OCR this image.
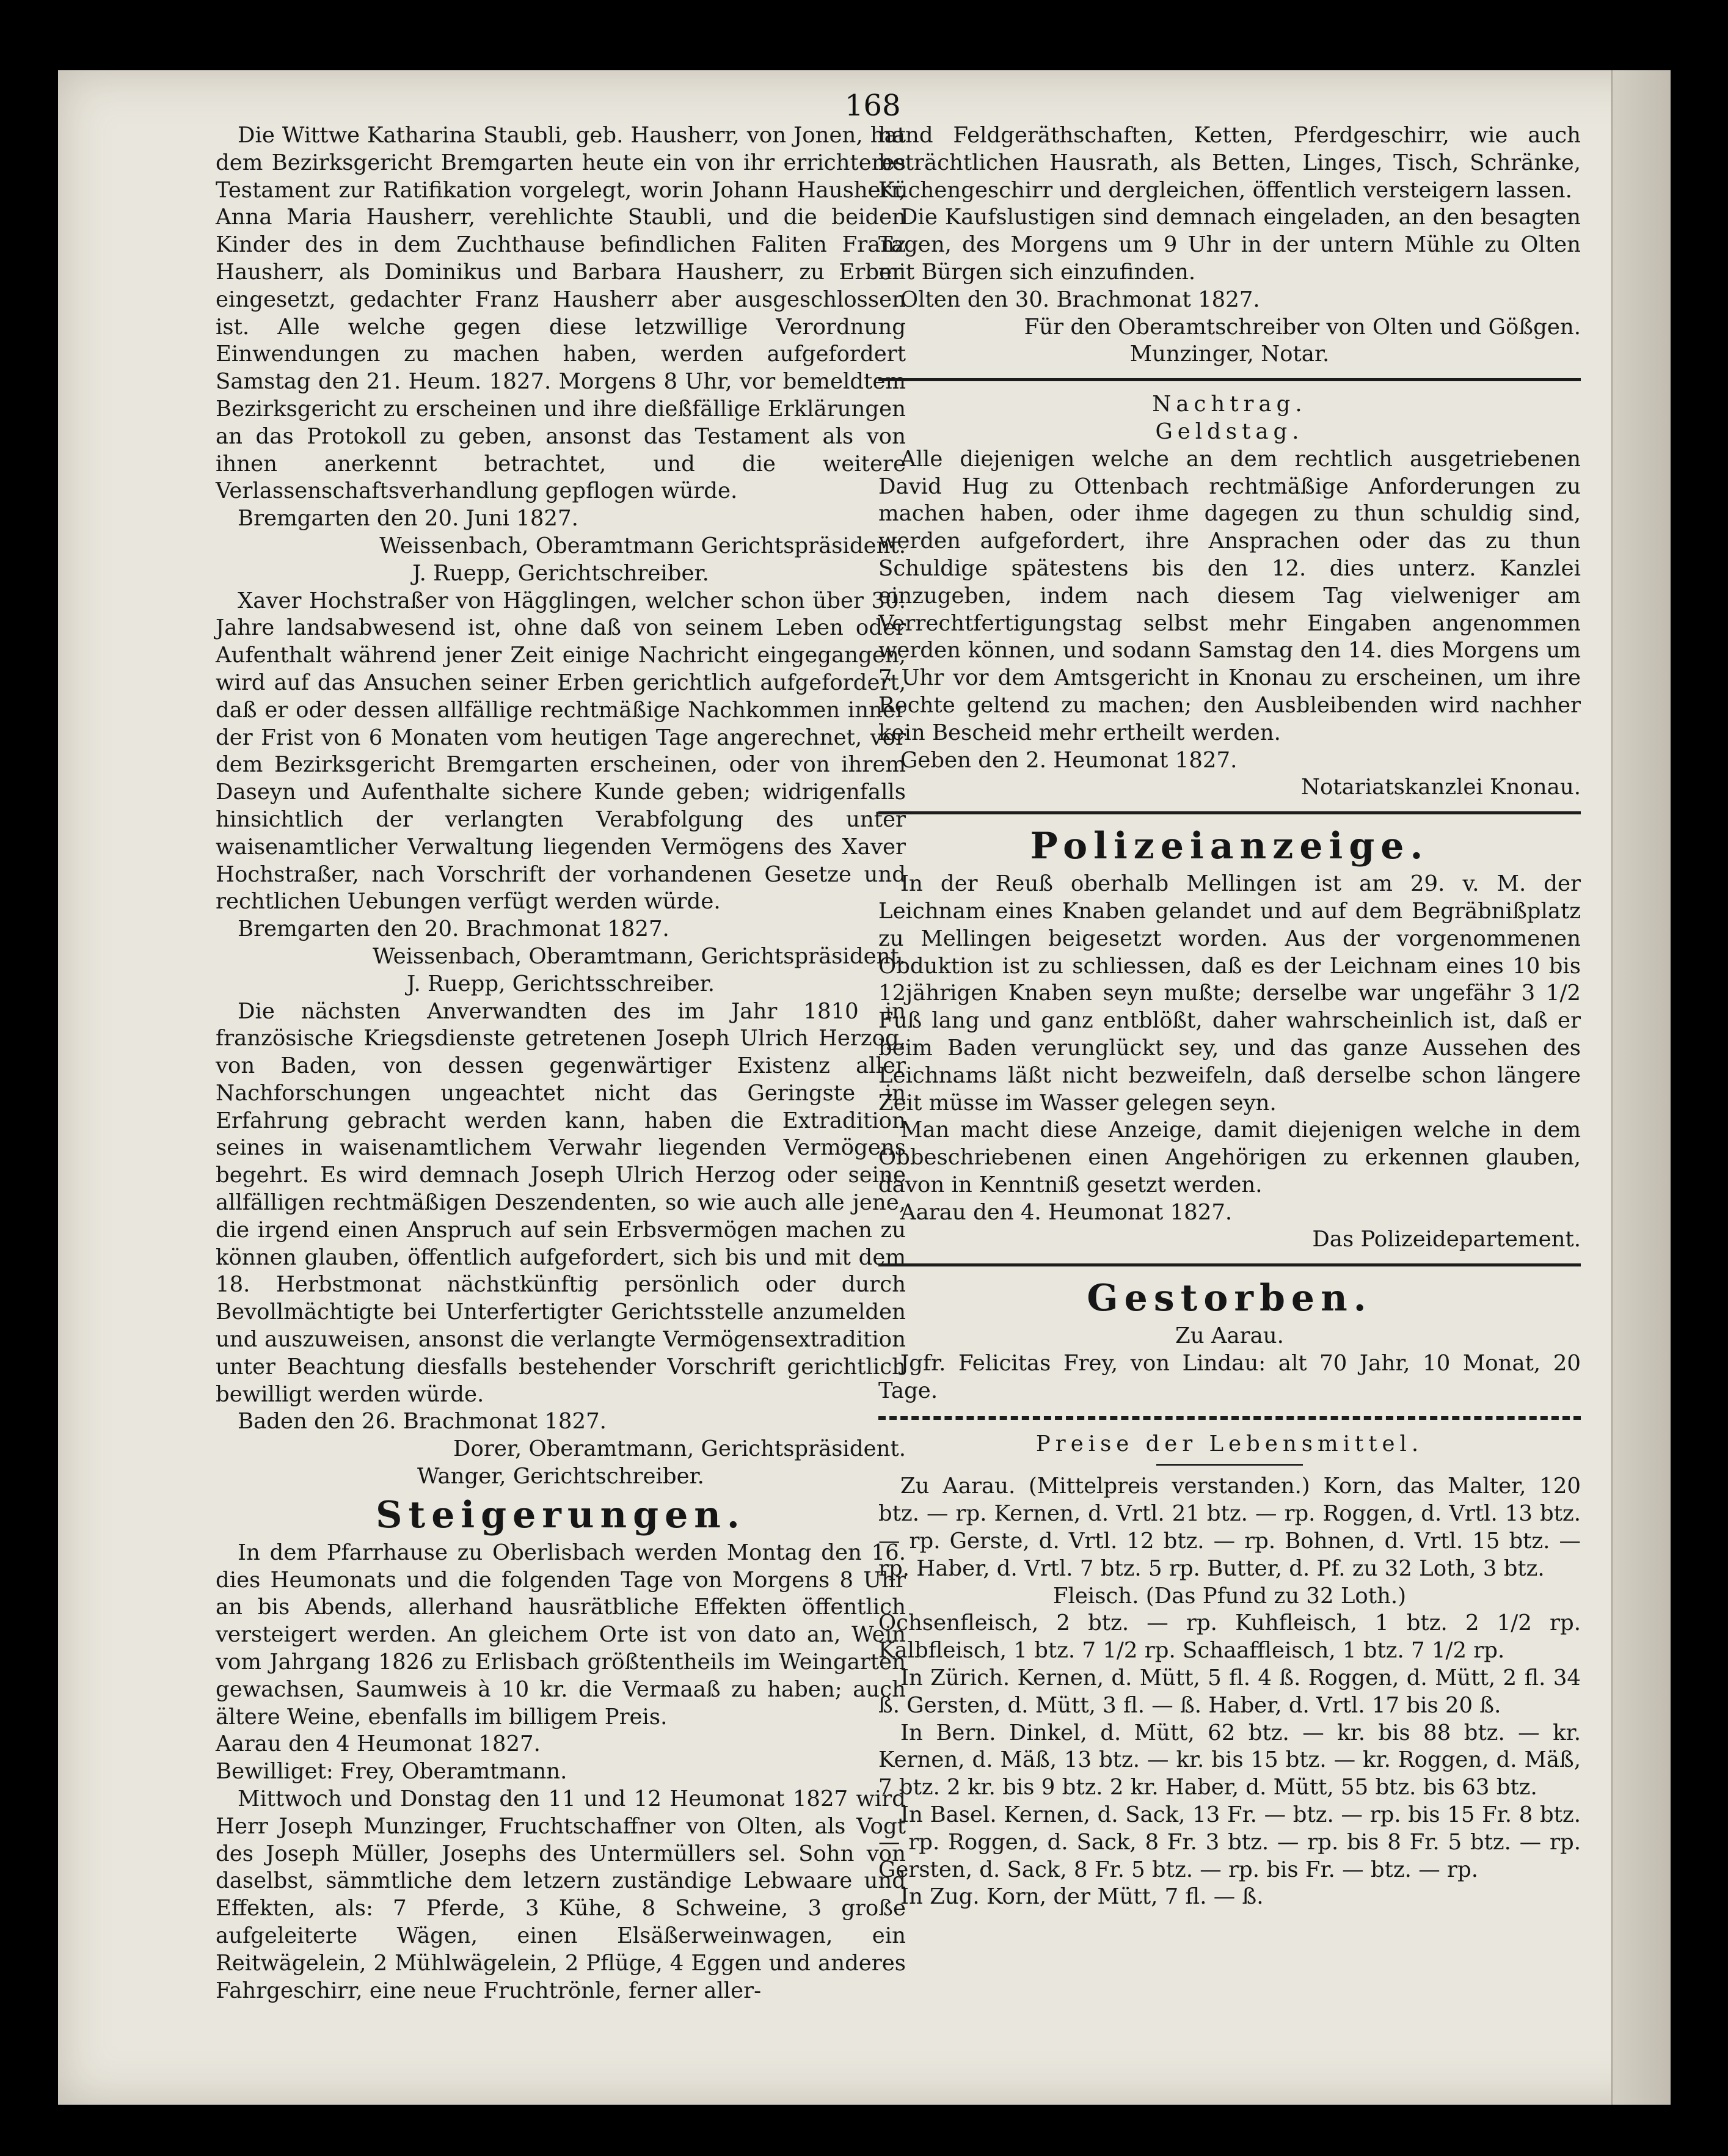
168

Die Wittwe Katharina Staubli, geb. Hausherr, von Jonen, hat dem Bezirksgericht Bremgarten heute ein von ihr errichteres Testament zur Ratifikation vorgelegt, worin Johann Hausherr, Anna Maria Hausherr, verehlichte Staubli, und die beiden Kinder des in dem Zuchthause befindlichen Faliten Franz Hausherr, als Dominikus und Barbara Hausherr, zu Erben eingesetzt, gedachter Franz Hausherr aber ausgeschlossen ist. Alle welche gegen diese letzwillige Verordnung Einwendungen zu machen haben, werden aufgefordert Samstag den 21. Heum. 1827. Morgens 8 Uhr, vor bemeldtem Bezirksgericht zu erscheinen und ihre dießfällige Erklärungen an das Protokoll zu geben, ansonst das Testament als von ihnen anerkennt betrachtet, und die weitere Verlassenschaftsverhandlung gepflogen würde.

Bremgarten den 20. Juni 1827.

Weissenbach, Oberamtmann Gerichtspräsident.

J. Ruepp, Gerichtschreiber.

Xaver Hochstraßer von Hägglingen, welcher schon über 30. Jahre landsabwesend ist, ohne daß von seinem Leben oder Aufenthalt während jener Zeit einige Nachricht eingegangen, wird auf das Ansuchen seiner Erben gerichtlich aufgefordert, daß er oder dessen allfällige rechtmäßige Nachkommen inner der Frist von 6 Monaten vom heutigen Tage angerechnet, vor dem Bezirksgericht Bremgarten erscheinen, oder von ihrem Daseyn und Aufenthalte sichere Kunde geben; widrigenfalls hinsichtlich der verlangten Verabfolgung des unter waisenamtlicher Verwaltung liegenden Vermögens des Xaver Hochstraßer, nach Vorschrift der vorhandenen Gesetze und rechtlichen Uebungen verfügt werden würde.

Bremgarten den 20. Brachmonat 1827.

Weissenbach, Oberamtmann, Gerichtspräsident.

J. Ruepp, Gerichtsschreiber.

Die nächsten Anverwandten des im Jahr 1810 in französische Kriegsdienste getretenen Joseph Ulrich Herzog, von Baden, von dessen gegenwärtiger Existenz aller Nachforschungen ungeachtet nicht das Geringste in Erfahrung gebracht werden kann, haben die Extradition seines in waisenamtlichem Verwahr liegenden Vermögens begehrt. Es wird demnach Joseph Ulrich Herzog oder seine allfälligen rechtmäßigen Deszendenten, so wie auch alle jene, die irgend einen Anspruch auf sein Erbsvermögen machen zu können glauben, öffentlich aufgefordert, sich bis und mit dem 18. Herbstmonat nächstkünftig persönlich oder durch Bevollmächtigte bei Unterfertigter Gerichtsstelle anzumelden und auszuweisen, ansonst die verlangte Vermögensextradition unter Beachtung diesfalls bestehender Vorschrift gerichtlich bewilligt werden würde.

Baden den 26. Brachmonat 1827.

Dorer, Oberamtmann, Gerichtspräsident.

Wanger, Gerichtschreiber.

Steigerungen.

In dem Pfarrhause zu Oberlisbach werden Montag den 16. dies Heumonats und die folgenden Tage von Morgens 8 Uhr an bis Abends, allerhand hausrätbliche Effekten öffentlich versteigert werden. An gleichem Orte ist von dato an, Wein vom Jahrgang 1826 zu Erlisbach größtentheils im Weingarten gewachsen, Saumweis à 10 kr. die Vermaaß zu haben; auch ältere Weine, ebenfalls im billigem Preis.

Aarau den 4 Heumonat 1827.

Bewilliget: Frey, Oberamtmann.

Mittwoch und Donstag den 11 und 12 Heumonat 1827 wird Herr Joseph Munzinger, Fruchtschaffner von Olten, als Vogt des Joseph Müller, Josephs des Untermüllers sel. Sohn von daselbst, sämmtliche dem letzern zuständige Lebwaare und Effekten, als: 7 Pferde, 3 Kühe, 8 Schweine, 3 große aufgeleiterte Wägen, einen Elsäßerweinwagen, ein Reitwägelein, 2 Mühlwägelein, 2 Pflüge, 4 Eggen und anderes Fahrgeschirr, eine neue Fruchtrönle, ferner aller-

hand Feldgeräthschaften, Ketten, Pferdgeschirr, wie auch beträchtlichen Hausrath, als Betten, Linges, Tisch, Schränke, Küchengeschirr und dergleichen, öffentlich versteigern lassen.

Die Kaufslustigen sind demnach eingeladen, an den besagten Tagen, des Morgens um 9 Uhr in der untern Mühle zu Olten mit Bürgen sich einzufinden.

Olten den 30. Brachmonat 1827.

Für den Oberamtschreiber von Olten und Gößgen.

Munzinger, Notar.

Nachtrag.

Geldstag.

Alle diejenigen welche an dem rechtlich ausgetriebenen David Hug zu Ottenbach rechtmäßige Anforderungen zu machen haben, oder ihme dagegen zu thun schuldig sind, werden aufgefordert, ihre Ansprachen oder das zu thun Schuldige spätestens bis den 12. dies unterz. Kanzlei einzugeben, indem nach diesem Tag vielweniger am Verrechtfertigungstag selbst mehr Eingaben angenommen werden können, und sodann Samstag den 14. dies Morgens um 7 Uhr vor dem Amtsgericht in Knonau zu erscheinen, um ihre Rechte geltend zu machen; den Ausbleibenden wird nachher kein Bescheid mehr ertheilt werden.

Geben den 2. Heumonat 1827.

Notariatskanzlei Knonau.

Polizeianzeige.

In der Reuß oberhalb Mellingen ist am 29. v. M. der Leichnam eines Knaben gelandet und auf dem Begräbnißplatz zu Mellingen beigesetzt worden. Aus der vorgenommenen Obduktion ist zu schliessen, daß es der Leichnam eines 10 bis 12jährigen Knaben seyn mußte; derselbe war ungefähr 3 1/2 Fuß lang und ganz entblößt, daher wahrscheinlich ist, daß er beim Baden verunglückt sey, und das ganze Aussehen des Leichnams läßt nicht bezweifeln, daß derselbe schon längere Zeit müsse im Wasser gelegen seyn.

Man macht diese Anzeige, damit diejenigen welche in dem Obbeschriebenen einen Angehörigen zu erkennen glauben, davon in Kenntniß gesetzt werden.

Aarau den 4. Heumonat 1827.

Das Polizeidepartement.

Gestorben.

Zu Aarau.

Jgfr. Felicitas Frey, von Lindau: alt 70 Jahr, 10 Monat, 20 Tage.

Preise der Lebensmittel.

Zu Aarau. (Mittelpreis verstanden.) Korn, das Malter, 120 btz. — rp. Kernen, d. Vrtl. 21 btz. — rp. Roggen, d. Vrtl. 13 btz. — rp. Gerste, d. Vrtl. 12 btz. — rp. Bohnen, d. Vrtl. 15 btz. — rp. Haber, d. Vrtl. 7 btz. 5 rp. Butter, d. Pf. zu 32 Loth, 3 btz.

Fleisch. (Das Pfund zu 32 Loth.)

Ochsenfleisch, 2 btz. — rp. Kuhfleisch, 1 btz. 2 1/2 rp. Kalbfleisch, 1 btz. 7 1/2 rp. Schaaffleisch, 1 btz. 7 1/2 rp.

In Zürich. Kernen, d. Mütt, 5 fl. 4 ß. Roggen, d. Mütt, 2 fl. 34 ß. Gersten, d. Mütt, 3 fl. — ß. Haber, d. Vrtl. 17 bis 20 ß.

In Bern. Dinkel, d. Mütt, 62 btz. — kr. bis 88 btz. — kr. Kernen, d. Mäß, 13 btz. — kr. bis 15 btz. — kr. Roggen, d. Mäß, 7 btz. 2 kr. bis 9 btz. 2 kr. Haber, d. Mütt, 55 btz. bis 63 btz.

In Basel. Kernen, d. Sack, 13 Fr. — btz. — rp. bis 15 Fr. 8 btz. — rp. Roggen, d. Sack, 8 Fr. 3 btz. — rp. bis 8 Fr. 5 btz. — rp. Gersten, d. Sack, 8 Fr. 5 btz. — rp. bis Fr. — btz. — rp.

In Zug. Korn, der Mütt, 7 fl. — ß.
